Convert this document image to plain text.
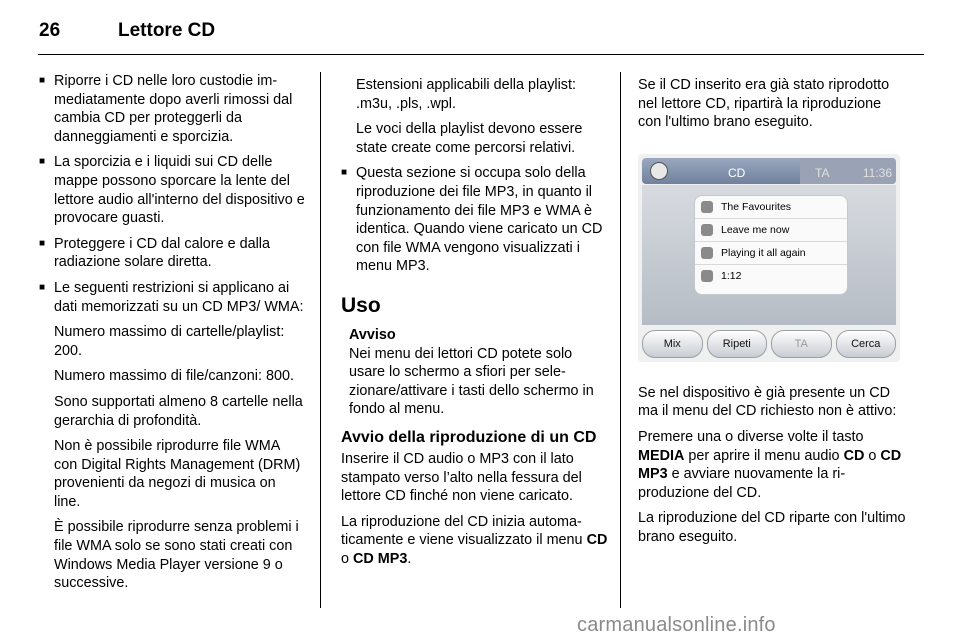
26	Lettore CD
■ Riporre i CD nelle loro custodie immediatamente dopo averli rimossi dal cambia CD per proteggerli da danneggiamenti e sporcizia.
■ La sporcizia e i liquidi sui CD delle mappe possono sporcare la lente del lettore audio all'interno del dispositivo e provocare guasti.
■ Proteggere i CD dal calore e dalla radiazione solare diretta.
■ Le seguenti restrizioni si applicano ai dati memorizzati su un CD MP3/ WMA:
Numero massimo di cartelle/playlist: 200.
Numero massimo di file/canzoni: 800.
Sono supportati almeno 8 cartelle nella gerarchia di profondità.
Non è possibile riprodurre file WMA con Digital Rights Management (DRM) provenienti da negozi di musica on line.
È possibile riprodurre senza problemi i file WMA solo se sono stati creati con Windows Media Player versione 9 o successive.
Estensioni applicabili della playlist: .m3u, .pls, .wpl.
Le voci della playlist devono essere state create come percorsi relativi.
■ Questa sezione si occupa solo della riproduzione dei file MP3, in quanto il funzionamento dei file MP3 e WMA è identica. Quando viene caricato un CD con file WMA vengono visualizzati i menu MP3.
Uso
Avviso
Nei menu dei lettori CD potete solo usare lo schermo a sfiori per selezionare/attivare i tasti dello schermo in fondo al menu.
Avvio della riproduzione di un CD

Inserire il CD audio o MP3 con il lato stampato verso l’alto nella fessura del lettore CD finché non viene caricato.

La riproduzione del CD inizia automaticamente e viene visualizzato il menu CD o CD MP3.

Se il CD inserito era già stato riprodotto nel lettore CD, ripartirà la riproduzione con l'ultimo brano eseguito.

CD	TA	11:36
The Favourites
Leave me now
Playing it all again
1:12
Mix	Ripeti	TA	Cerca

Se nel dispositivo è già presente un CD ma il menu del CD richiesto non è attivo:

Premere una o diverse volte il tasto MEDIA per aprire il menu audio CD o CD MP3 e avviare nuovamente la riproduzione del CD.

La riproduzione del CD riparte con l'ultimo brano eseguito.

carmanualsonline.info
